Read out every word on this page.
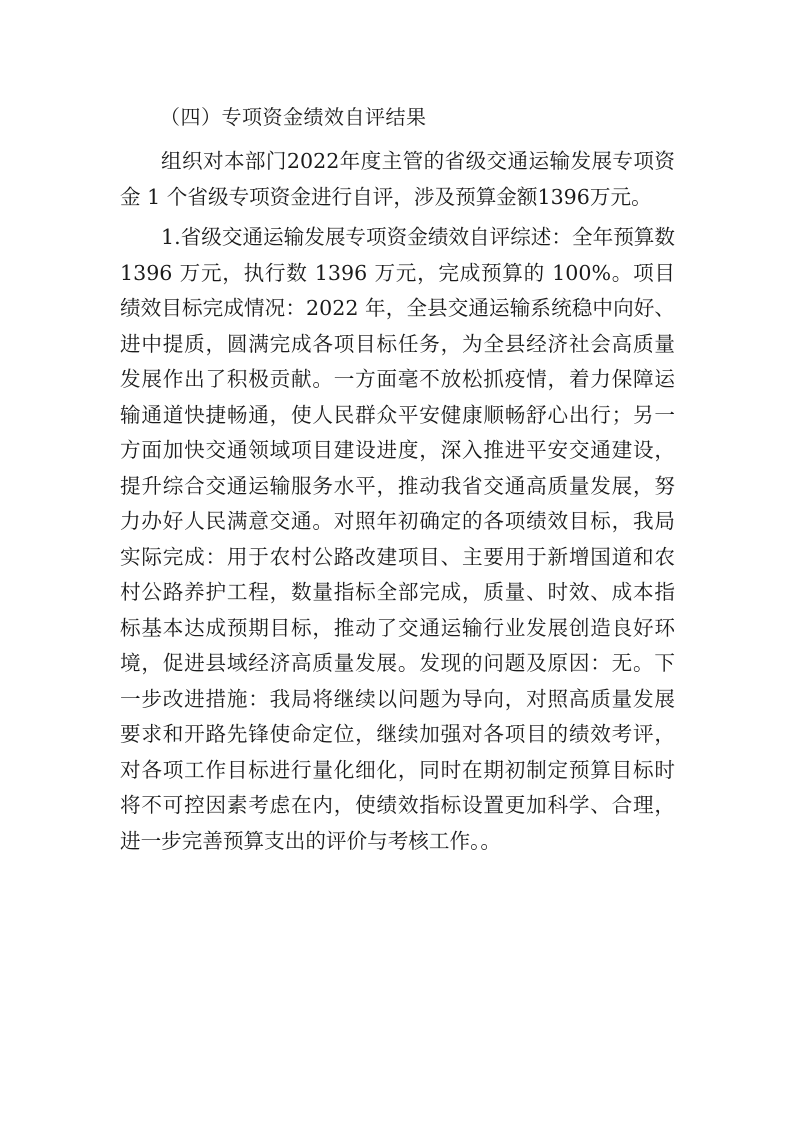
（四）专项资金绩效自评结果

组织对本部门2022年度主管的省级交通运输发展专项资金 1 个省级专项资金进行自评，涉及预算金额1396万元。

1.省级交通运输发展专项资金绩效自评综述：全年预算数 1396 万元，执行数 1396 万元，完成预算的 100%。项目绩效目标完成情况：2022 年，全县交通运输系统稳中向好、进中提质，圆满完成各项目标任务，为全县经济社会高质量发展作出了积极贡献。一方面毫不放松抓疫情，着力保障运输通道快捷畅通，使人民群众平安健康顺畅舒心出行；另一方面加快交通领域项目建设进度，深入推进平安交通建设，提升综合交通运输服务水平，推动我省交通高质量发展，努力办好人民满意交通。对照年初确定的各项绩效目标，我局实际完成：用于农村公路改建项目、主要用于新增国道和农村公路养护工程，数量指标全部完成，质量、时效、成本指标基本达成预期目标，推动了交通运输行业发展创造良好环境，促进县域经济高质量发展。发现的问题及原因：无。下一步改进措施：我局将继续以问题为导向，对照高质量发展要求和开路先锋使命定位，继续加强对各项目的绩效考评，对各项工作目标进行量化细化，同时在期初制定预算目标时将不可控因素考虑在内，使绩效指标设置更加科学、合理，进一步完善预算支出的评价与考核工作。。
